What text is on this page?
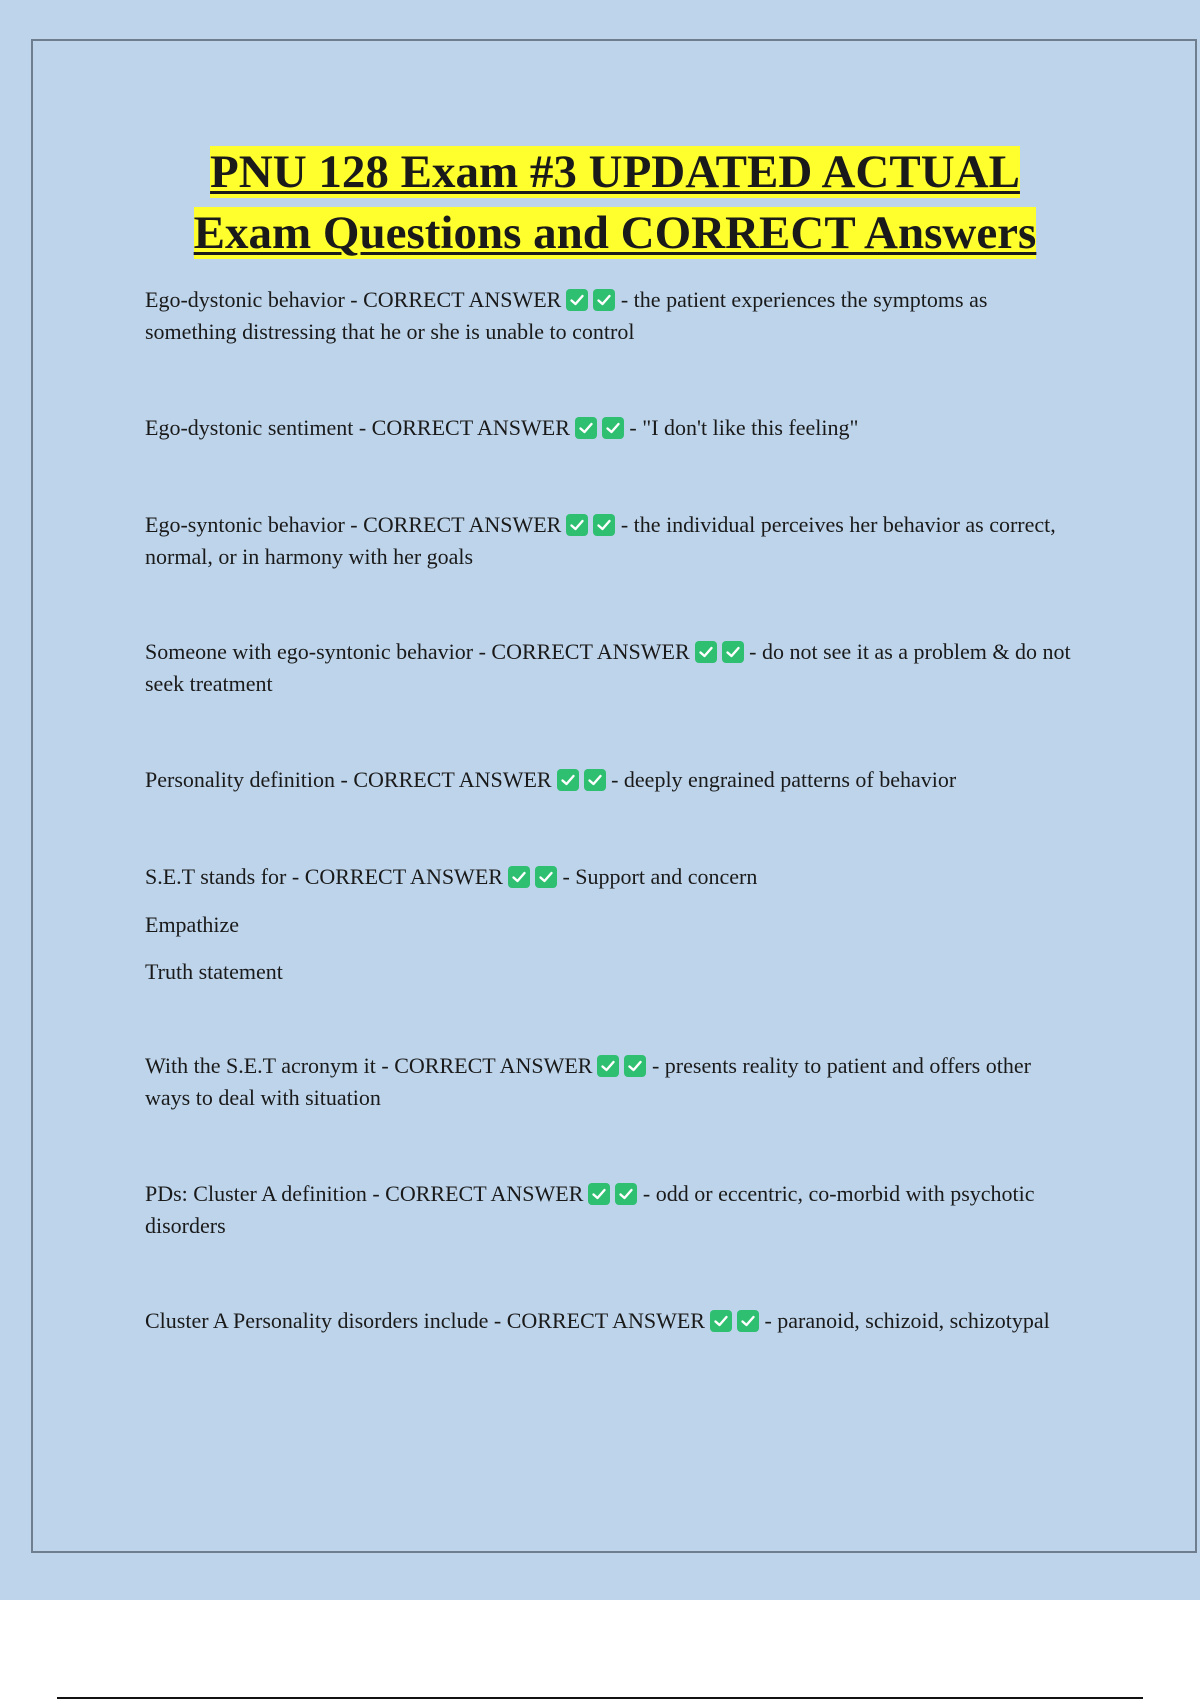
PNU 128 Exam #3 UPDATED ACTUAL
Exam Questions and CORRECT Answers

Ego-dystonic behavior - CORRECT ANSWER
- the patient experiences the symptoms as something distressing that he or she is unable to control

Ego-dystonic sentiment - CORRECT ANSWER
- "I don't like this feeling"

Ego-syntonic behavior - CORRECT ANSWER
- the individual perceives her behavior as correct, normal, or in harmony with her goals

Someone with ego-syntonic behavior - CORRECT ANSWER
- do not see it as a problem & do not seek treatment

Personality definition - CORRECT ANSWER
- deeply engrained patterns of behavior

S.E.T stands for - CORRECT ANSWER
- Support and concern

Empathize

Truth statement

With the S.E.T acronym it - CORRECT ANSWER
- presents reality to patient and offers other ways to deal with situation

PDs: Cluster A definition - CORRECT ANSWER
- odd or eccentric, co-morbid with psychotic disorders

Cluster A Personality disorders include - CORRECT ANSWER
- paranoid, schizoid, schizotypal
